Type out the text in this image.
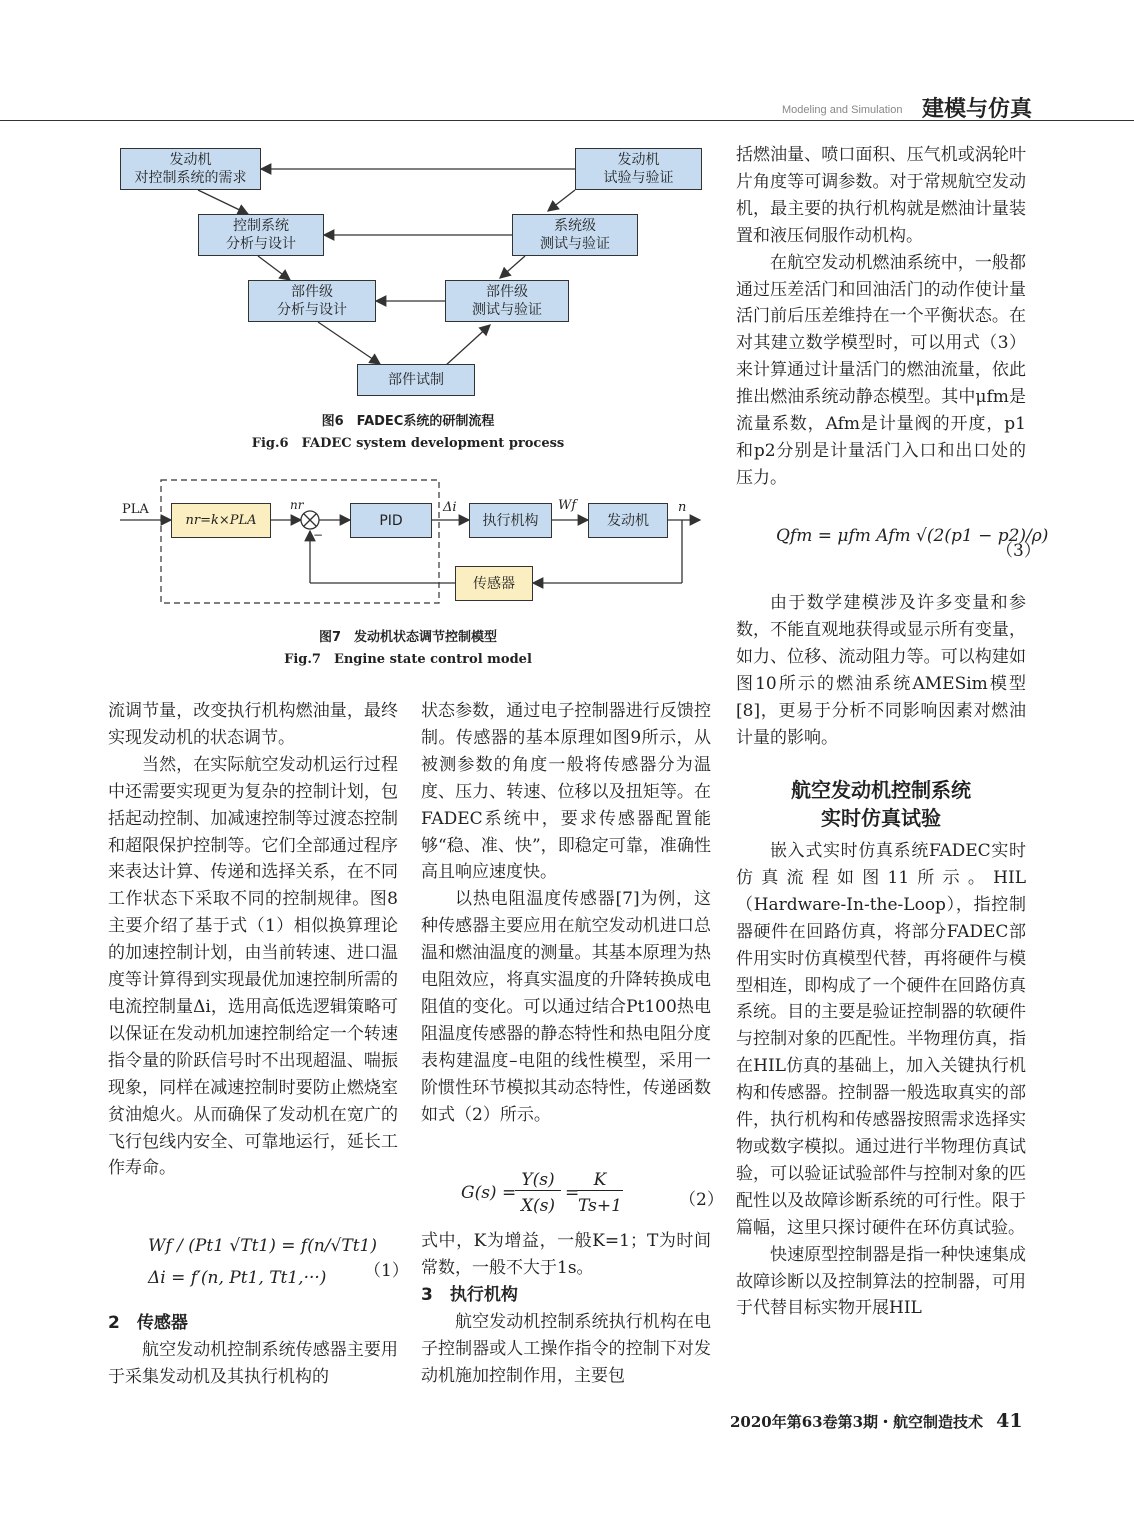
Modeling and Simulation 建模与仿真
发动机
对控制系统的需求
发动机
试验与验证
控制系统
分析与设计
系统级
测试与验证
部件级
分析与设计
部件级
测试与验证
部件试制
图6　FADEC系统的研制流程
Fig.6　FADEC system development process
PLA
nr=k×PLA
nr
−
PID
Δi
执行机构
Wf
发动机
n
传感器
图7　发动机状态调节控制模型
Fig.7　Engine state control model

流调节量，改变执行机构燃油量，最终实现发动机的状态调节。

当然，在实际航空发动机运行过程中还需要实现更为复杂的控制计划，包括起动控制、加减速控制等过渡态控制和超限保护控制等。它们全部通过程序来表达计算、传递和选择关系，在不同工作状态下采取不同的控制规律。图8主要介绍了基于式（1）相似换算理论的加速控制计划，由当前转速、进口温度等计算得到实现最优加速控制所需的电流控制量Δi，选用高低选逻辑策略可以保证在发动机加速控制给定一个转速指令量的阶跃信号时不出现超温、喘振现象，同样在减速控制时要防止燃烧室贫油熄火。从而确保了发动机在宽广的飞行包线内安全、可靠地运行，延长工作寿命。

Wf / (Pt1 √Tt1) = f(n/√Tt1)
Δi = f′(n, Pt1, Tt1,···) （1）

2　传感器

航空发动机控制系统传感器主要用于采集发动机及其执行机构的

状态参数，通过电子控制器进行反馈控制。传感器的基本原理如图9所示，从被测参数的角度一般将传感器分为温度、压力、转速、位移以及扭矩等。在FADEC系统中，要求传感器配置能够“稳、准、快”，即稳定可靠，准确性高且响应速度快。

以热电阻温度传感器[7]为例，这种传感器主要应用在航空发动机进口总温和燃油温度的测量。其基本原理为热电阻效应，将真实温度的升降转换成电阻值的变化。可以通过结合Pt100热电阻温度传感器的静态特性和热电阻分度表构建温度–电阻的线性模型，采用一阶惯性环节模拟其动态特性，传递函数如式（2）所示。

G(s) =
Y(s)
X(s)
=
K
Ts+1	（2）

式中，K为增益，一般K=1；T为时间常数，一般不大于1s。

3　执行机构

航空发动机控制系统执行机构在电子控制器或人工操作指令的控制下对发动机施加控制作用，主要包

括燃油量、喷口面积、压气机或涡轮叶片角度等可调参数。对于常规航空发动机，最主要的执行机构就是燃油计量装置和液压伺服作动机构。

在航空发动机燃油系统中，一般都通过压差活门和回油活门的动作使计量活门前后压差维持在一个平衡状态。在对其建立数学模型时，可以用式（3）来计算通过计量活门的燃油流量，依此推出燃油系统动静态模型。其中μfm是流量系数，Afm是计量阀的开度，p1和p2分别是计量活门入口和出口处的压力。

Qfm = μfm Afm √(2(p1 − p2)/ρ)
（3）

由于数学建模涉及许多变量和参数，不能直观地获得或显示所有变量，如力、位移、流动阻力等。可以构建如图10所示的燃油系统AMESim模型[8]，更易于分析不同影响因素对燃油计量的影响。

航空发动机控制系统
实时仿真试验

嵌入式实时仿真系统FADEC实时仿真流程如图11所示。HIL（Hardware-In-the-Loop），指控制器硬件在回路仿真，将部分FADEC部件用实时仿真模型代替，再将硬件与模型相连，即构成了一个硬件在回路仿真系统。目的主要是验证控制器的软硬件与控制对象的匹配性。半物理仿真，指在HIL仿真的基础上，加入关键执行机构和传感器。控制器一般选取真实的部件，执行机构和传感器按照需求选择实物或数字模拟。通过进行半物理仿真试验，可以验证试验部件与控制对象的匹配性以及故障诊断系统的可行性。限于篇幅，这里只探讨硬件在环仿真试验。

快速原型控制器是指一种快速集成故障诊断以及控制算法的控制器，可用于代替目标实物开展HIL

2020年第63卷第3期・航空制造技术 41
